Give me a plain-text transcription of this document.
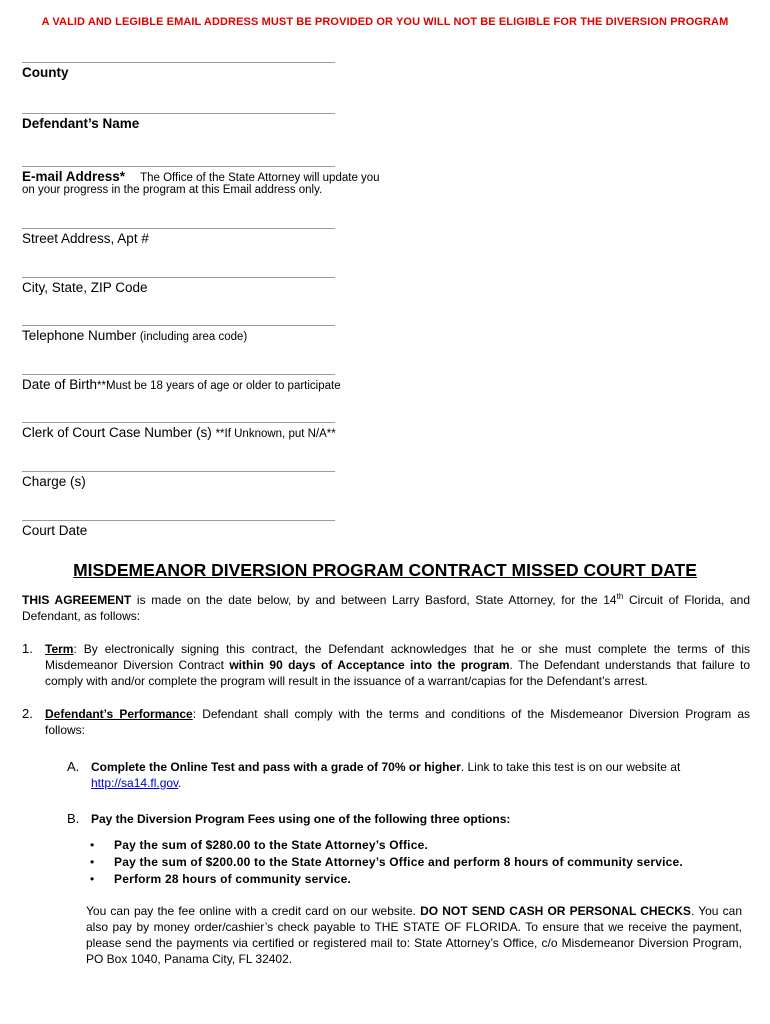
A VALID AND LEGIBLE EMAIL ADDRESS MUST BE PROVIDED OR YOU WILL NOT BE ELIGIBLE FOR THE DIVERSION PROGRAM
County
Defendant’s Name
E-mail Address* The Office of the State Attorney will update you
on your progress in the program at this Email address only.
Street Address, Apt #
City, State, ZIP Code
Telephone Number (including area code)
Date of Birth**Must be 18 years of age or older to participate
Clerk of Court Case Number (s) **If Unknown, put N/A**
Charge (s)
Court Date
MISDEMEANOR DIVERSION PROGRAM CONTRACT MISSED COURT DATE
THIS AGREEMENT is made on the date below, by and between Larry Basford, State Attorney, for the 14th Circuit of Florida, and Defendant, as follows:
1. Term: By electronically signing this contract, the Defendant acknowledges that he or she must complete the terms of this Misdemeanor Diversion Contract within 90 days of Acceptance into the program. The Defendant understands that failure to comply with and/or complete the program will result in the issuance of a warrant/capias for the Defendant’s arrest.
2. Defendant’s Performance: Defendant shall comply with the terms and conditions of the Misdemeanor Diversion Program as follows:
A. Complete the Online Test and pass with a grade of 70% or higher. Link to take this test is on our website at http://sa14.fl.gov.
B. Pay the Diversion Program Fees using one of the following three options:
• Pay the sum of $280.00 to the State Attorney’s Office.
• Pay the sum of $200.00 to the State Attorney’s Office and perform 8 hours of community service.
• Perform 28 hours of community service.
You can pay the fee online with a credit card on our website. DO NOT SEND CASH OR PERSONAL CHECKS. You can also pay by money order/cashier’s check payable to THE STATE OF FLORIDA. To ensure that we receive the payment, please send the payments via certified or registered mail to: State Attorney’s Office, c/o Misdemeanor Diversion Program, PO Box 1040, Panama City, FL 32402.
